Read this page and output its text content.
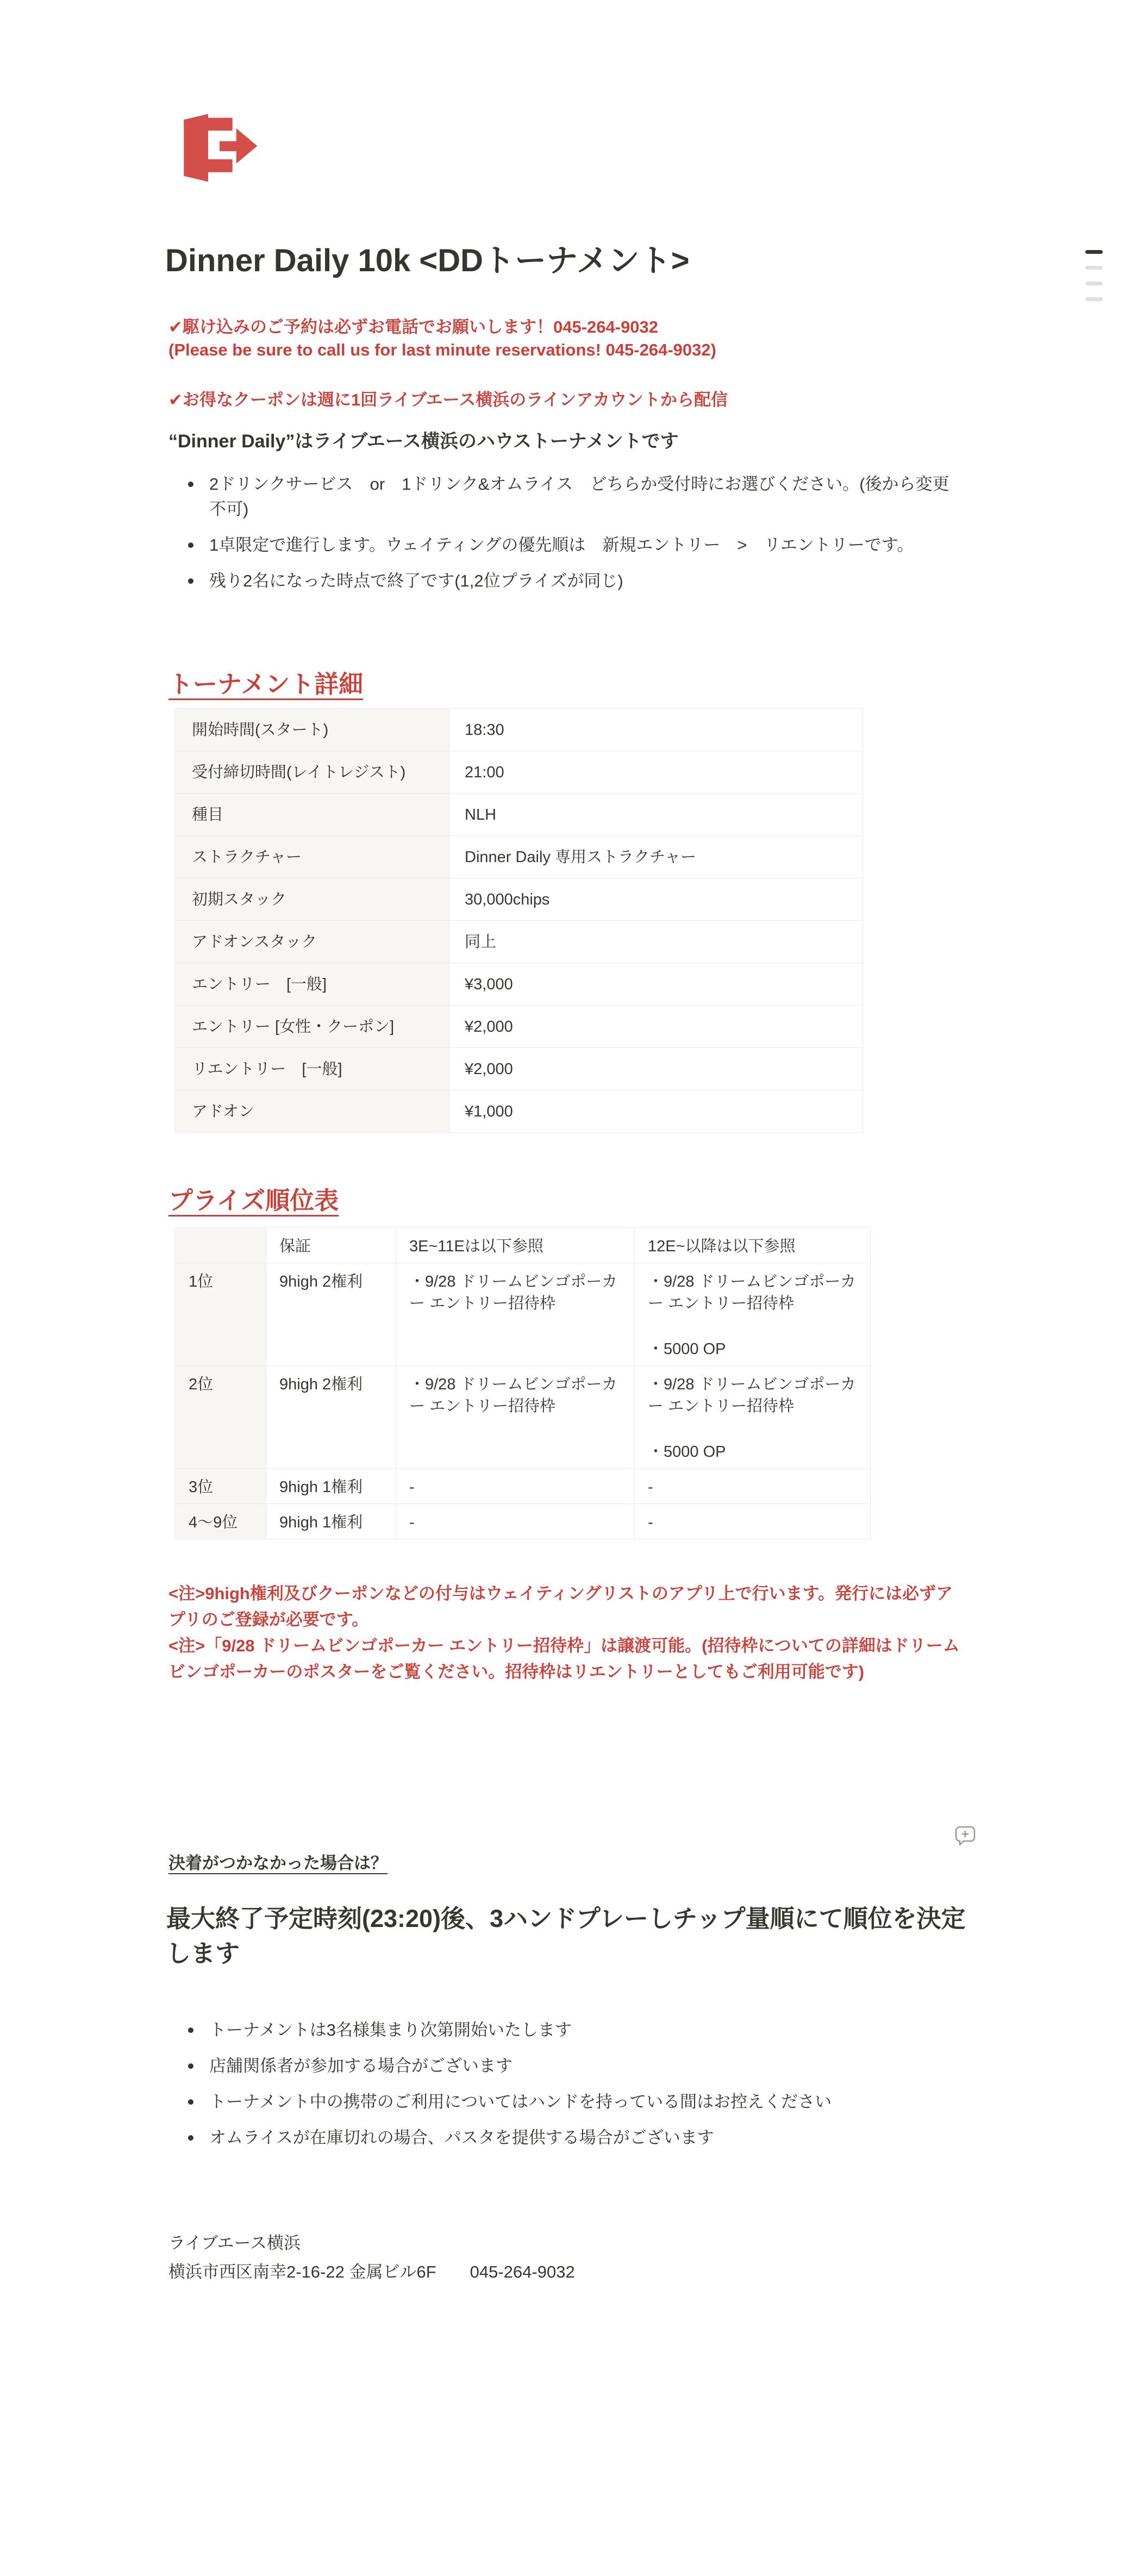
Dinner Daily 10k <DDトーナメント>

✔駆け込みのご予約は必ずお電話でお願いします！045-264-9032

(Please be sure to call us for last minute reservations! 045-264-9032)

✔お得なクーポンは週に1回ライブエース横浜のラインアカウントから配信

“Dinner Daily”はライブエース横浜のハウストーナメントです
2ドリンクサービス　or　1ドリンク&オムライス　どちらか受付時にお選びください。(後から変更不可)
1卓限定で進行します。ウェイティングの優先順は　新規エントリー　>　リエントリーです。
残り2名になった時点で終了です(1,2位プライズが同じ)
トーナメント詳細
開始時間(スタート)	18:30
受付締切時間(レイトレジスト)	21:00
種目	NLH
ストラクチャー	Dinner Daily 専用ストラクチャー
初期スタック	30,000chips
アドオンスタック	同上
エントリー　[一般]	¥3,000
エントリー [女性・クーポン]	¥2,000
リエントリー　[一般]	¥2,000
アドオン	¥1,000
プライズ順位表
	保証	3E~11Eは以下参照	12E~以降は以下参照
1位	9high 2権利	・9/28 ドリームビンゴポーカー エントリー招待枠	・9/28 ドリームビンゴポーカー エントリー招待枠

・5000 OP

2位	9high 2権利	・9/28 ドリームビンゴポーカー エントリー招待枠	・9/28 ドリームビンゴポーカー エントリー招待枠

・5000 OP

3位	9high 1権利	-	-
4～9位	9high 1権利	-	-

<注>9high権利及びクーポンなどの付与はウェイティングリストのアプリ上で行います。発行には必ずアプリのご登録が必要です。

<注>「9/28 ドリームビンゴポーカー エントリー招待枠」は譲渡可能。(招待枠についての詳細はドリームビンゴポーカーのポスターをご覧ください。招待枠はリエントリーとしてもご利用可能です)

決着がつかなかった場合は？

最大終了予定時刻(23:20)後、3ハンドプレーしチップ量順にて順位を決定します
トーナメントは3名様集まり次第開始いたします
店舗関係者が参加する場合がございます
トーナメント中の携帯のご利用についてはハンドを持っている間はお控えください
オムライスが在庫切れの場合、パスタを提供する場合がございます

ライブエース横浜

横浜市西区南幸2-16-22 金属ビル6F　　045-264-9032
